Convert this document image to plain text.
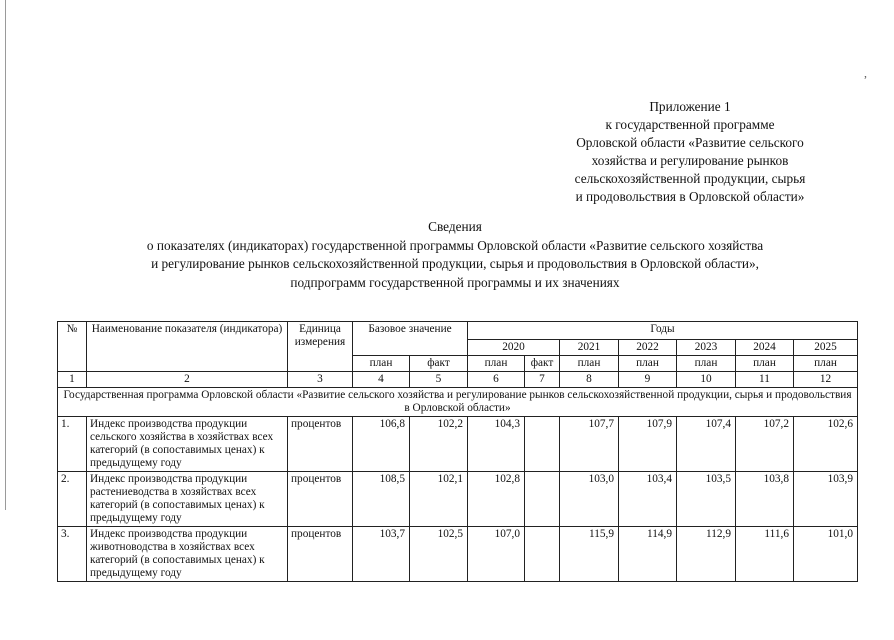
,
Приложение 1
к государственной программе
Орловской области «Развитие сельского
хозяйства и регулирование рынков
сельскохозяйственной продукции, сырья
и продовольствия в Орловской области»
Сведения
о показателях (индикаторах) государственной программы Орловской области «Развитие сельского хозяйства
и регулирование рынков сельскохозяйственной продукции, сырья и продовольствия в Орловской области»,
подпрограмм государственной программы и их значениях
№	Наименование показателя (индикатора)	Единица измерения	Базовое значение		Годы						
					2020		2021	2022	2023	2024	2025
			план	факт	план	факт	план	план	план	план	план
1	2	3	4	5	6	7	8	9	10	11	12
Государственная программа Орловской области «Развитие сельского хозяйства и регулирование рынков сельскохозяйственной продукции, сырья и продовольствия в Орловской области»											
1.	Индекс производства продукции сельского хозяйства в хозяйствах всех категорий (в сопоставимых ценах) к предыдущему году	процентов	106,8	102,2	104,3		107,7	107,9	107,4	107,2	102,6
2.	Индекс производства продукции растениеводства в хозяйствах всех категорий (в сопоставимых ценах) к предыдущему году	процентов	108,5	102,1	102,8		103,0	103,4	103,5	103,8	103,9
3.	Индекс производства продукции животноводства в хозяйствах всех категорий (в сопоставимых ценах) к предыдущему году	процентов	103,7	102,5	107,0		115,9	114,9	112,9	111,6	101,0
